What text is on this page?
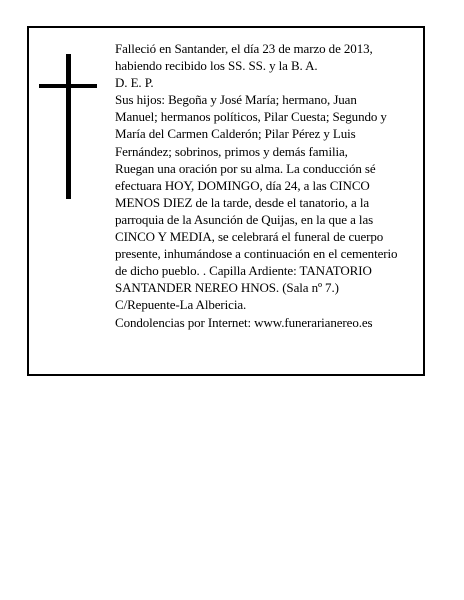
Falleció en Santander, el día 23 de marzo de 2013,
habiendo recibido los SS. SS. y la B. A.
D. E. P.
Sus hijos: Begoña y José María; hermano, Juan
Manuel; hermanos políticos, Pilar Cuesta; Segundo y
María del Carmen Calderón; Pilar Pérez y Luis
Fernández; sobrinos, primos y demás familia,
Ruegan una oración por su alma. La conducción sé
efectuara HOY, DOMINGO, día 24, a las CINCO
MENOS DIEZ de la tarde, desde el tanatorio, a la
parroquia de la Asunción de Quijas, en la que a las
CINCO Y MEDIA, se celebrará el funeral de cuerpo
presente, inhumándose a continuación en el cementerio
de dicho pueblo. . Capilla Ardiente: TANATORIO
SANTANDER NEREO HNOS. (Sala nº 7.)
C/Repuente-La Albericia.
Condolencias por Internet: www.funerarianereo.es
